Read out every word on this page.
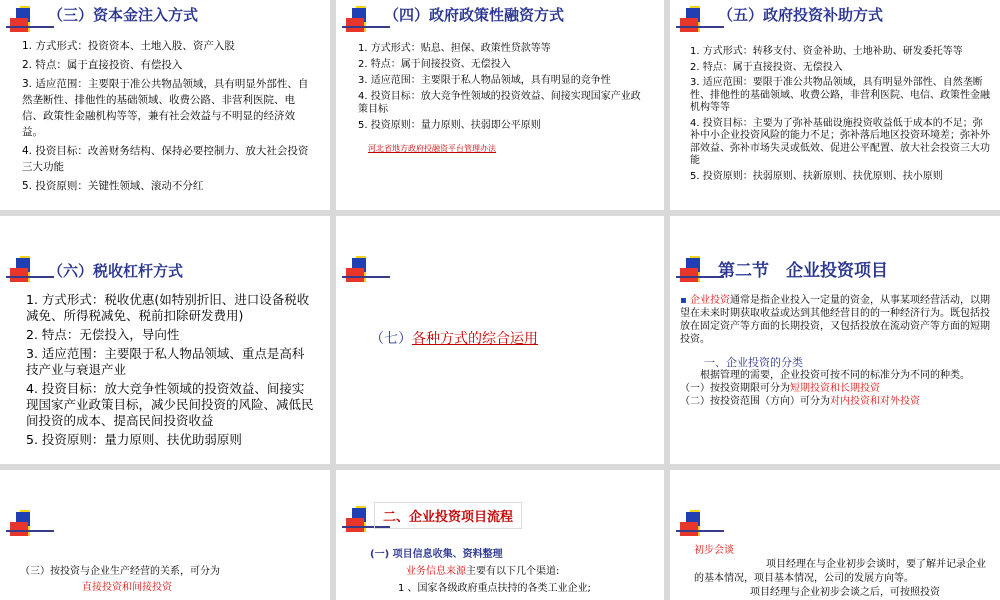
（三）资本金注入方式
1. 方式形式：投资资本、土地入股、资产入股
2. 特点：属于直接投资、有偿投入
3. 适应范围：主要限于准公共物品领域，具有明显外部性、自然垄断性、排他性的基础领域、收费公路、非营利医院、电信、政策性金融机构等等，兼有社会效益与不明显的经济效益。
4. 投资目标：改善财务结构、保持必要控制力、放大社会投资三大功能
5. 投资原则：关键性领域、滚动不分红
（四）政府政策性融资方式
1. 方式形式：贴息、担保、政策性贷款等等
2. 特点：属于间接投资、无偿投入
3. 适应范围：主要限于私人物品领域，具有明显的竞争性
4. 投资目标：放大竞争性领域的投资效益、间接实现国家产业政策目标
5. 投资原则：量力原则、扶弱即公平原则
河北省地方政府投融资平台管理办法
（五）政府投资补助方式
1. 方式形式：转移支付、资金补助、土地补助、研发委托等等
2. 特点：属于直接投资、无偿投入
3. 适应范围：要限于准公共物品领域，具有明显外部性、自然垄断性、排他性的基础领域、收费公路，非营利医院、电信、政策性金融机构等等
4. 投资目标：主要为了弥补基础设施投资收益低于成本的不足；弥补中小企业投资风险的能力不足；弥补落后地区投资环境差；弥补外部效益、弥补市场失灵或低效、促进公平配置、放大社会投资三大功能
5. 投资原则：扶弱原则、扶新原则、扶优原则、扶小原则
（六）税收杠杆方式
1. 方式形式：税收优惠(如特别折旧、进口设备税收减免、所得税减免、税前扣除研发费用)
2. 特点：无偿投入，导向性
3. 适应范围：主要限于私人物品领域、重点是高科技产业与衰退产业
4. 投资目标：放大竞争性领域的投资效益、间接实现国家产业政策目标，减少民间投资的风险、减低民间投资的成本、提高民间投资收益
5. 投资原则：量力原则、扶优助弱原则
（七）各种方式的综合运用
第二节　企业投资项目
▪ 企业投资通常是指企业投入一定量的资金，从事某项经营活动，以期望在未来时期获取收益或达到其他经营目的的一种经济行为。既包括投放在固定资产等方面的长期投资，又包括投放在流动资产等方面的短期投资。
一、企业投资的分类
根据管理的需要，企业投资可按不同的标准分为不同的种类。
（一）按投资期限可分为短期投资和长期投资
（二）按投资范围（方向）可分为对内投资和对外投资
（三）按投资与企业生产经营的关系，可分为
直接投资和间接投资
二、企业投资项目流程
(一) 项目信息收集、资料整理
业务信息来源主要有以下几个渠道:
1 、国家各级政府重点扶持的各类工业企业;
初步会谈
项目经理在与企业初步会谈时，要了解并记录企业的基本情况，项目基本情况，公司的发展方向等。
项目经理与企业初步会谈之后，可按照投资
